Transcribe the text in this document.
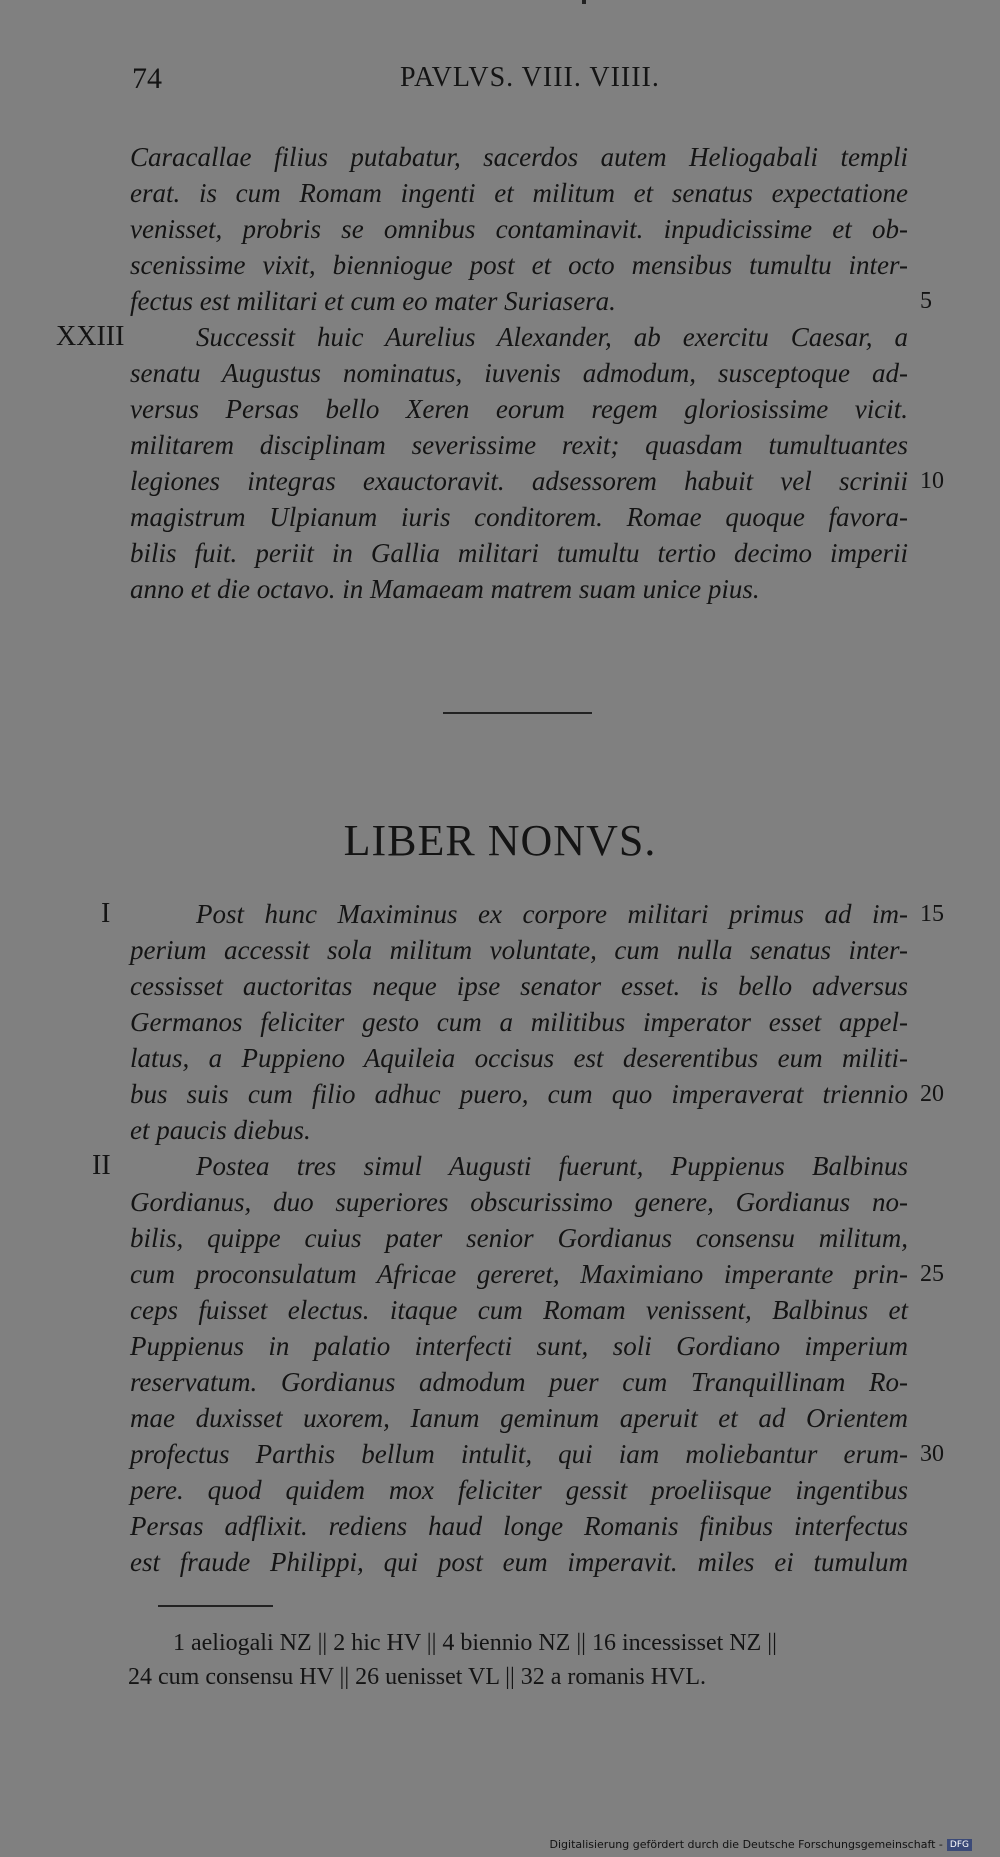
74	PAVLVS. VIII. VIIII.
Caracallae filius putabatur, sacerdos autem Heliogabali templi
erat. is cum Romam ingenti et militum et senatus expectatione
venisset, probris se omnibus contaminavit. inpudicissime et ob-
scenissime vixit, bienniogue post et octo mensibus tumultu inter-
fectus est militari et cum eo mater Suriasera.
XXIII	Successit huic Aurelius Alexander, ab exercitu Caesar, a
senatu Augustus nominatus, iuvenis admodum, susceptoque ad-
versus Persas bello Xeren eorum regem gloriosissime vicit.
militarem disciplinam severissime rexit; quasdam tumultuantes
legiones integras exauctoravit. adsessorem habuit vel scrinii
magistrum Ulpianum iuris conditorem. Romae quoque favora-
bilis fuit. periit in Gallia militari tumultu tertio decimo imperii
anno et die octavo. in Mamaeam matrem suam unice pius.
5
10
LIBER NONVS.
I	Post hunc Maximinus ex corpore militari primus ad im-
perium accessit sola militum voluntate, cum nulla senatus inter-
cessisset auctoritas neque ipse senator esset. is bello adversus
Germanos feliciter gesto cum a militibus imperator esset appel-
latus, a Puppieno Aquileia occisus est deserentibus eum militi-
bus suis cum filio adhuc puero, cum quo imperaverat triennio
et paucis diebus.
II	Postea tres simul Augusti fuerunt, Puppienus Balbinus
Gordianus, duo superiores obscurissimo genere, Gordianus no-
bilis, quippe cuius pater senior Gordianus consensu militum,
cum proconsulatum Africae gereret, Maximiano imperante prin-
ceps fuisset electus. itaque cum Romam venissent, Balbinus et
Puppienus in palatio interfecti sunt, soli Gordiano imperium
reservatum. Gordianus admodum puer cum Tranquillinam Ro-
mae duxisset uxorem, Ianum geminum aperuit et ad Orientem
profectus Parthis bellum intulit, qui iam moliebantur erum-
pere. quod quidem mox feliciter gessit proeliisque ingentibus
Persas adflixit. rediens haud longe Romanis finibus interfectus
est fraude Philippi, qui post eum imperavit. miles ei tumulum
15
20
25
30
1 aeliogali NZ || 2 hic HV || 4 biennio NZ || 16 incessisset NZ ||
24 cum consensu HV || 26 uenisset VL || 32 a romanis HVL.
Digitalisierung gefördert durch die Deutsche Forschungsgemeinschaft - DFG
